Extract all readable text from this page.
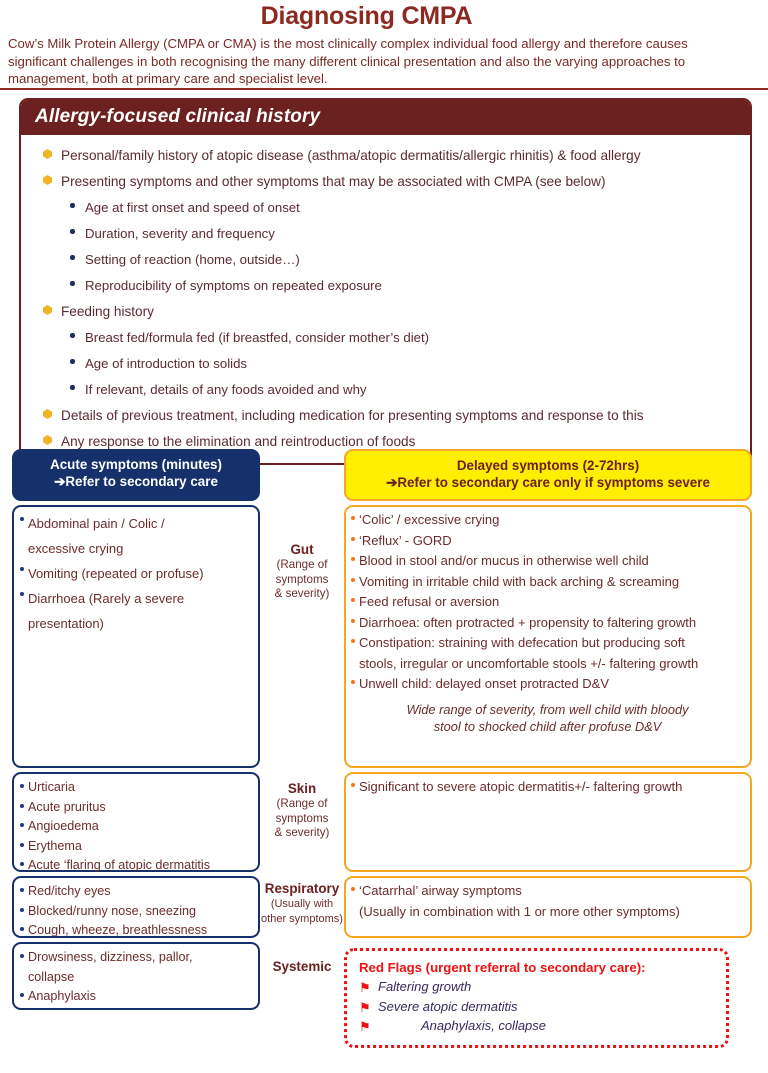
Diagnosing CMPA
Cow’s Milk Protein Allergy (CMPA or CMA) is the most clinically complex individual food allergy and therefore causes
significant challenges in both recognising the many different clinical presentation and also the varying approaches to
management, both at primary care and specialist level.
Allergy-focused clinical history
Personal/family history of atopic disease (asthma/atopic dermatitis/allergic rhinitis) & food allergy
Presenting symptoms and other symptoms that may be associated with CMPA (see below)
Age at first onset and speed of onset
Duration, severity and frequency
Setting of reaction (home, outside…)
Reproducibility of symptoms on repeated exposure
Feeding history
Breast fed/formula fed (if breastfed, consider mother’s diet)
Age of introduction to solids
If relevant, details of any foods avoided and why
Details of previous treatment, including medication for presenting symptoms and response to this
Any response to the elimination and reintroduction of foods
Acute symptoms (minutes)
➔Refer to secondary care
Delayed symptoms (2-72hrs)
➔Refer to secondary care only if symptoms severe
Abdominal pain / Colic /
excessive crying
Vomiting (repeated or profuse)
Diarrhoea (Rarely a severe
presentation)
Gut
(Range of
symptoms
& severity)
‘Colic’ / excessive crying
‘Reflux’ - GORD
Blood in stool and/or mucus in otherwise well child
Vomiting in irritable child with back arching & screaming
Feed refusal or aversion
Diarrhoea: often protracted + propensity to faltering growth
Constipation: straining with defecation but producing soft
stools, irregular or uncomfortable stools +/- faltering growth
Unwell child: delayed onset protracted D&V
Wide range of severity, from well child with bloody
stool to shocked child after profuse D&V
Urticaria
Acute pruritus
Angioedema
Erythema
Acute ‘flaring of atopic dermatitis
Skin
(Range of
symptoms
& severity)
Significant to severe atopic dermatitis+/- faltering growth
Red/itchy eyes
Blocked/runny nose, sneezing
Cough, wheeze, breathlessness
Respiratory
(Usually with
other symptoms)
‘Catarrhal’ airway symptoms
(Usually in combination with 1 or more other symptoms)
Drowsiness, dizziness, pallor,
collapse
Anaphylaxis
Systemic	Red Flags (urgent referral to secondary care):
⚑ Faltering growth
⚑ Severe atopic dermatitis
⚑	Anaphylaxis, collapse
